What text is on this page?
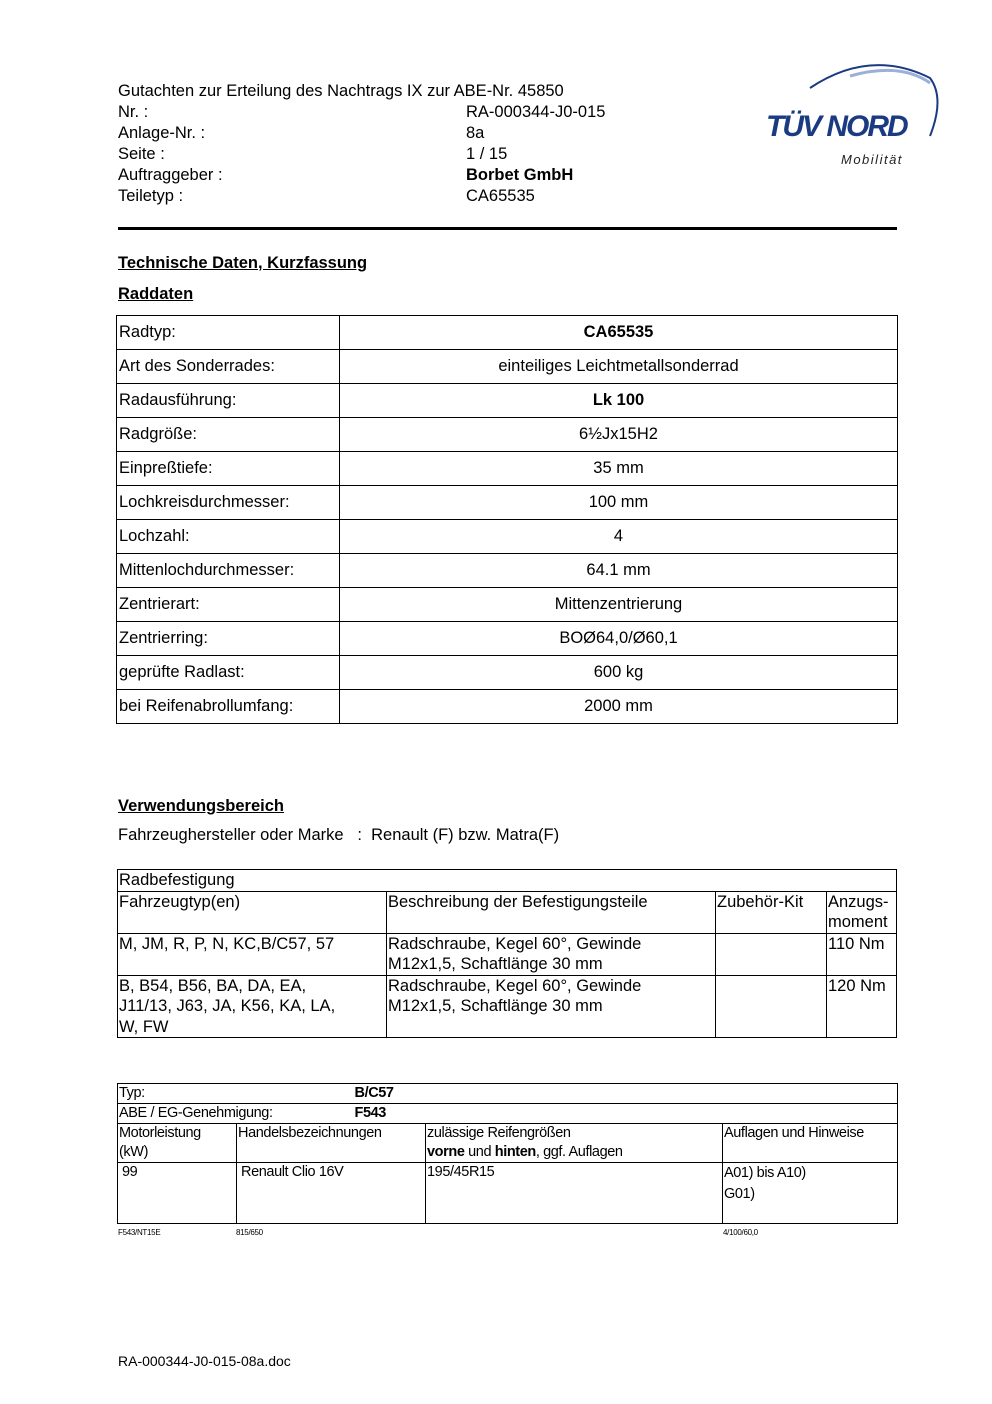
Gutachten zur Erteilung des Nachtrags IX zur ABE-Nr. 45850
Nr. :	RA-000344-J0-015
Anlage-Nr. :	8a
Seite :	1 / 15
Auftraggeber :	Borbet GmbH
Teiletyp :	CA65535
TÜV NORD
Mobilität
Technische Daten, Kurzfassung
Raddaten
Radtyp:	CA65535
Art des Sonderrades:	einteiliges Leichtmetallsonderrad
Radausführung:	Lk 100
Radgröße:	6½Jx15H2
Einpreßtiefe:	35 mm
Lochkreisdurchmesser:	100 mm
Lochzahl:	4
Mittenlochdurchmesser:	64.1 mm
Zentrierart:	Mittenzentrierung
Zentrierring:	BOØ64,0/Ø60,1
geprüfte Radlast:	600 kg
bei Reifenabrollumfang:	2000 mm
Verwendungsbereich
Fahrzeughersteller oder Marke : Renault (F) bzw. Matra(F)
Radbefestigung			
Fahrzeugtyp(en)	Beschreibung der Befestigungsteile	Zubehör-Kit	Anzugs-
moment
M, JM, R, P, N, KC,B/C57, 57	Radschraube, Kegel 60°, Gewinde
M12x1,5, Schaftlänge 30 mm		110 Nm
B, B54, B56, BA, DA, EA,
J11/13, J63, JA, K56, KA, LA,
W, FW	Radschraube, Kegel 60°, Gewinde
M12x1,5, Schaftlänge 30 mm		120 Nm
Typ: B/C57			

ABE / EG-Genehmigung: F543			

Motorleistung
(kW)	Handelsbezeichnungen	zulässige Reifengrößen
vorne und hinten, ggf. Auflagen	Auflagen und Hinweise
99	Renault Clio 16V	195/45R15	A01) bis A10)
G01)
F543/NT15E	815/650	4/100/60,0
RA-000344-J0-015-08a.doc
